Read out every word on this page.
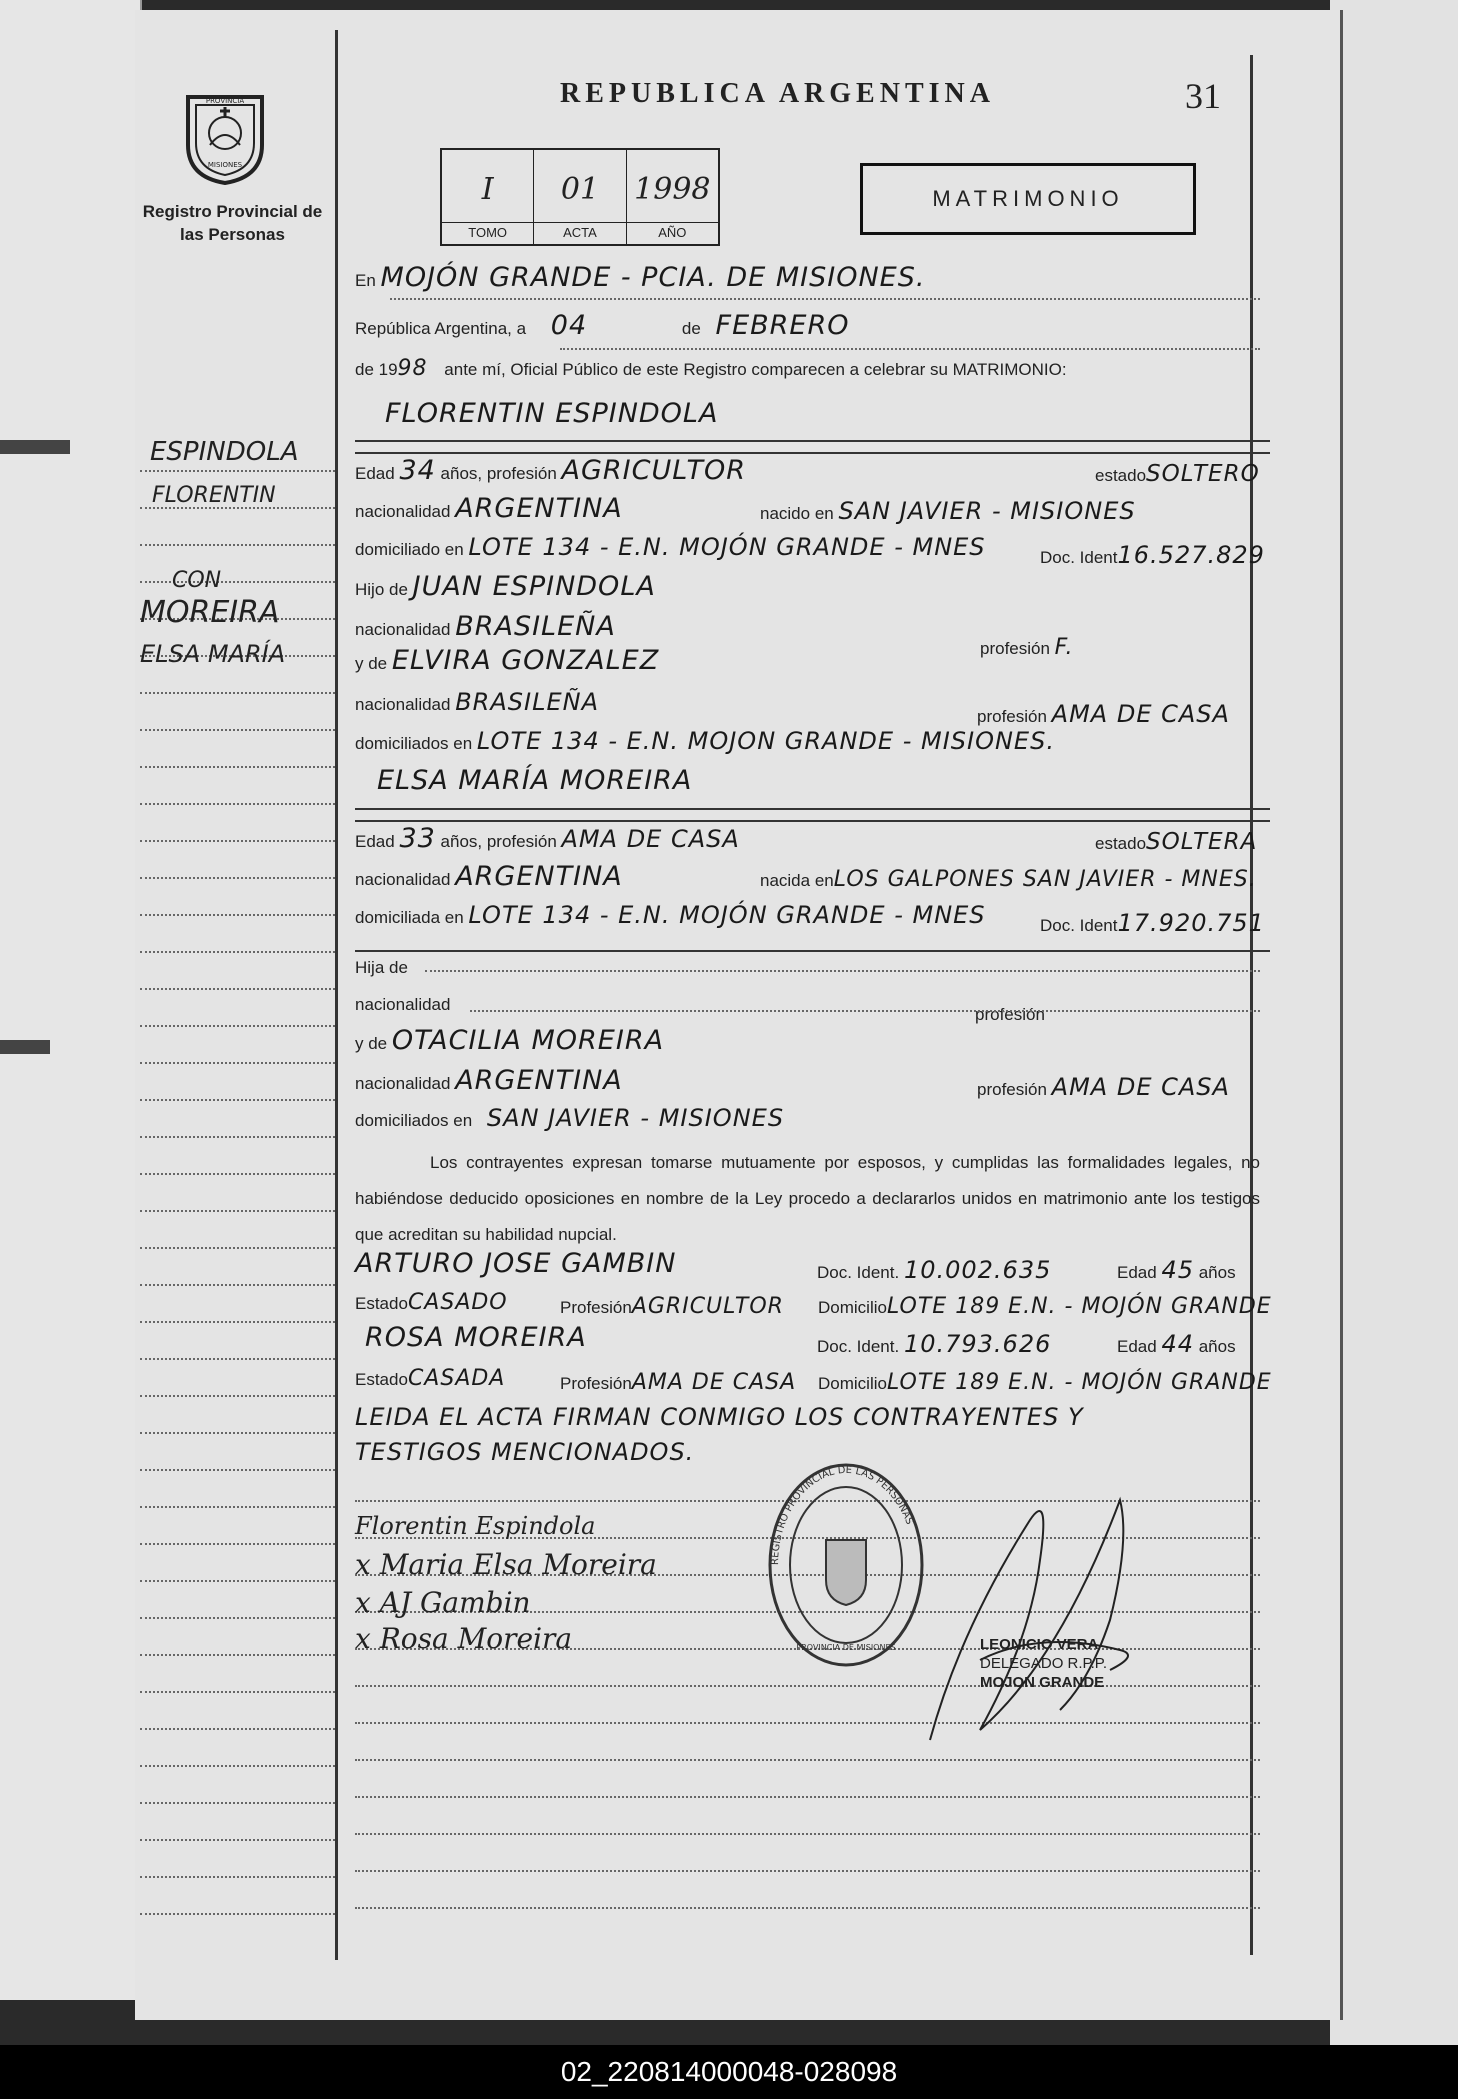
PROVINCIA
MISIONES
Registro Provincial de las Personas
REPUBLICA ARGENTINA	31
I
TOMO
01
ACTA
1998
AÑO
MATRIMONIO
En MOJÓN GRANDE - PCIA. DE MISIONES.
República Argentina, a 04	de FEBRERO
de 1998 ante mí, Oficial Público de este Registro comparecen a celebrar su MATRIMONIO:
FLORENTIN ESPINDOLA
Edad 34 años, profesión AGRICULTOR	estadoSOLTERO
nacionalidad ARGENTINA	nacido en SAN JAVIER - MISIONES
domiciliado en LOTE 134 - E.N. MOJÓN GRANDE - MNES	Doc. Ident16.527.829
Hijo de JUAN ESPINDOLA
nacionalidad BRASILEÑA
profesión F.
y de ELVIRA GONZALEZ
nacionalidad BRASILEÑA
profesión AMA DE CASA
domiciliados en LOTE 134 - E.N. MOJON GRANDE - MISIONES.
ELSA MARÍA MOREIRA
Edad 33 años, profesión AMA DE CASA	estadoSOLTERA
nacionalidad ARGENTINA	nacida enLOS GALPONES SAN JAVIER - MNES.
domiciliada en LOTE 134 - E.N. MOJÓN GRANDE - MNES	Doc. Ident17.920.751
Hija de
nacionalidad
profesión
y de OTACILIA MOREIRA
nacionalidad ARGENTINA	profesión AMA DE CASA
domiciliados en SAN JAVIER - MISIONES
Los contrayentes expresan tomarse mutuamente por esposos, y cumplidas las formalidades legales, no habiéndose deducido oposiciones en nombre de la Ley procedo a declararlos unidos en matrimonio ante los testigos que acreditan su habilidad nupcial.
ARTURO JOSE GAMBIN	Doc. Ident. 10.002.635	Edad 45 años
EstadoCASADO	ProfesiónAGRICULTOR DomicilioLOTE 189 E.N. - MOJÓN GRANDE
ROSA MOREIRA	Doc. Ident. 10.793.626	Edad 44 años
EstadoCASADA	ProfesiónAMA DE CASA DomicilioLOTE 189 E.N. - MOJÓN GRANDE
LEIDA EL ACTA FIRMAN CONMIGO LOS CONTRAYENTES Y
TESTIGOS MENCIONADOS.
Florentin Espindola
x Maria Elsa Moreira
x AJ Gambin
x Rosa Moreira
REGISTRO PROVINCIAL DE LAS PERSONAS
PROVINCIA DE MISIONES	LEONICIO VERA
DELEGADO R.P.P.
MOJON GRANDE
ESPINDOLA
FLORENTIN
CON
MOREIRA
ELSA MARÍA
02_220814000048-028098
